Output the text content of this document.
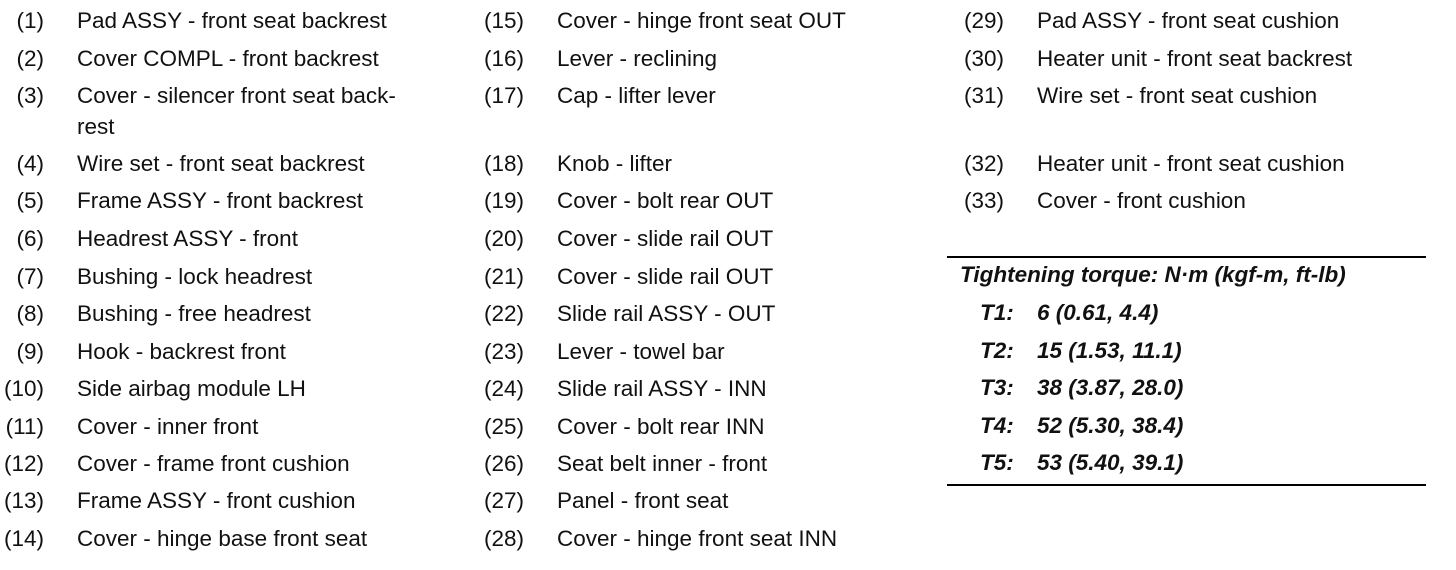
(1) Pad ASSY - front seat backrest
(2) Cover COMPL - front backrest
(3) Cover - silencer front seat back-
rest
(4) Wire set - front seat backrest
(5) Frame ASSY - front backrest
(6) Headrest ASSY - front
(7) Bushing - lock headrest
(8) Bushing - free headrest
(9) Hook - backrest front
(10) Side airbag module LH
(11) Cover - inner front
(12) Cover - frame front cushion
(13) Frame ASSY - front cushion
(14) Cover - hinge base front seat
(15) Cover - hinge front seat OUT
(16) Lever - reclining
(17) Cap - lifter lever
(18) Knob - lifter
(19) Cover - bolt rear OUT
(20) Cover - slide rail OUT
(21) Cover - slide rail OUT
(22) Slide rail ASSY - OUT
(23) Lever - towel bar
(24) Slide rail ASSY - INN
(25) Cover - bolt rear INN
(26) Seat belt inner - front
(27) Panel - front seat
(28) Cover - hinge front seat INN
(29) Pad ASSY - front seat cushion
(30) Heater unit - front seat backrest
(31) Wire set - front seat cushion
(32) Heater unit - front seat cushion
(33) Cover - front cushion
Tightening torque: N·m (kgf-m, ft-lb)
T1: 6 (0.61, 4.4)
T2: 15 (1.53, 11.1)
T3: 38 (3.87, 28.0)
T4: 52 (5.30, 38.4)
T5: 53 (5.40, 39.1)
